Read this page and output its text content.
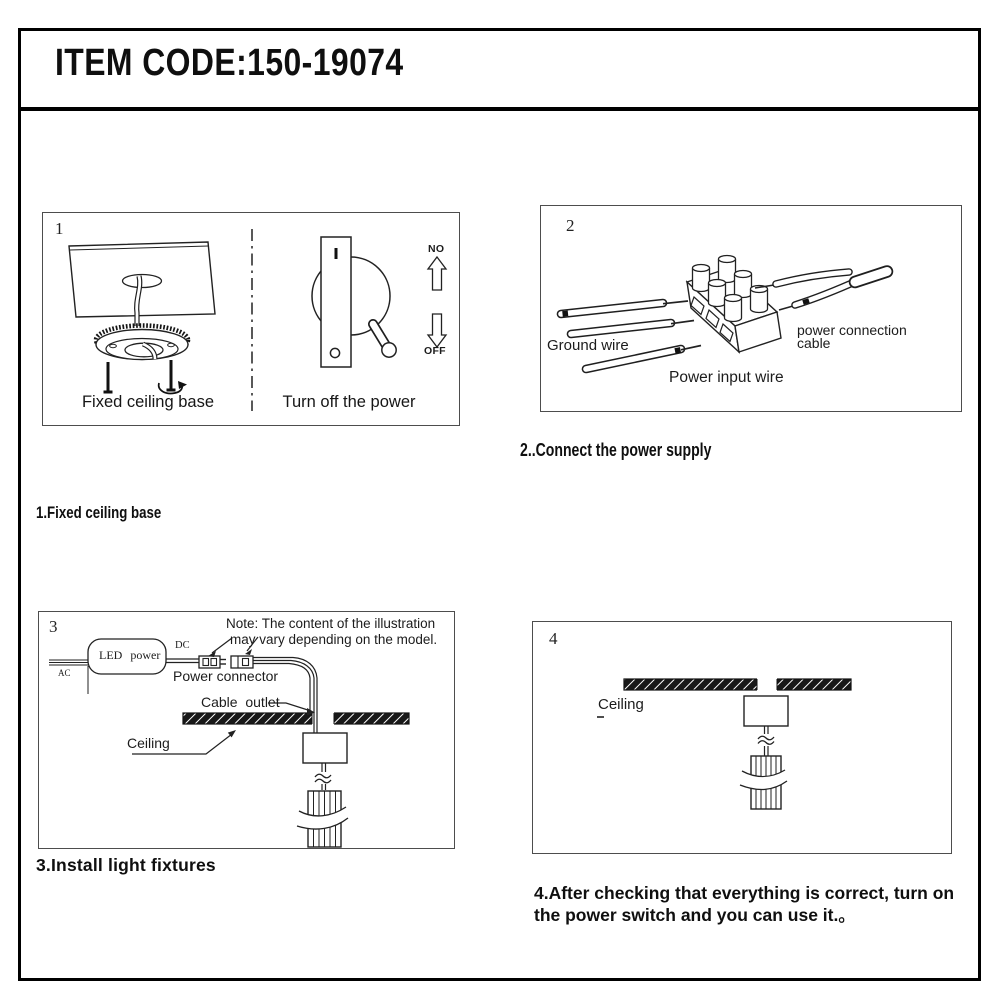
ITEM CODE:150-19074
1
NO
OFF
Fixed ceiling base	Turn off the power
2
Ground wire
power connection
cable
Power input wire
3	Note: The content of the illustration
may vary depending on the model.
LED power
AC
DC
Power connector
Cable  outlet
Ceiling
4
Ceiling
1.Fixed ceiling base
2..Connect the power supply
3.Install light fixtures
4.After checking that everything is correct, turn on
the power switch and you can use it.。
